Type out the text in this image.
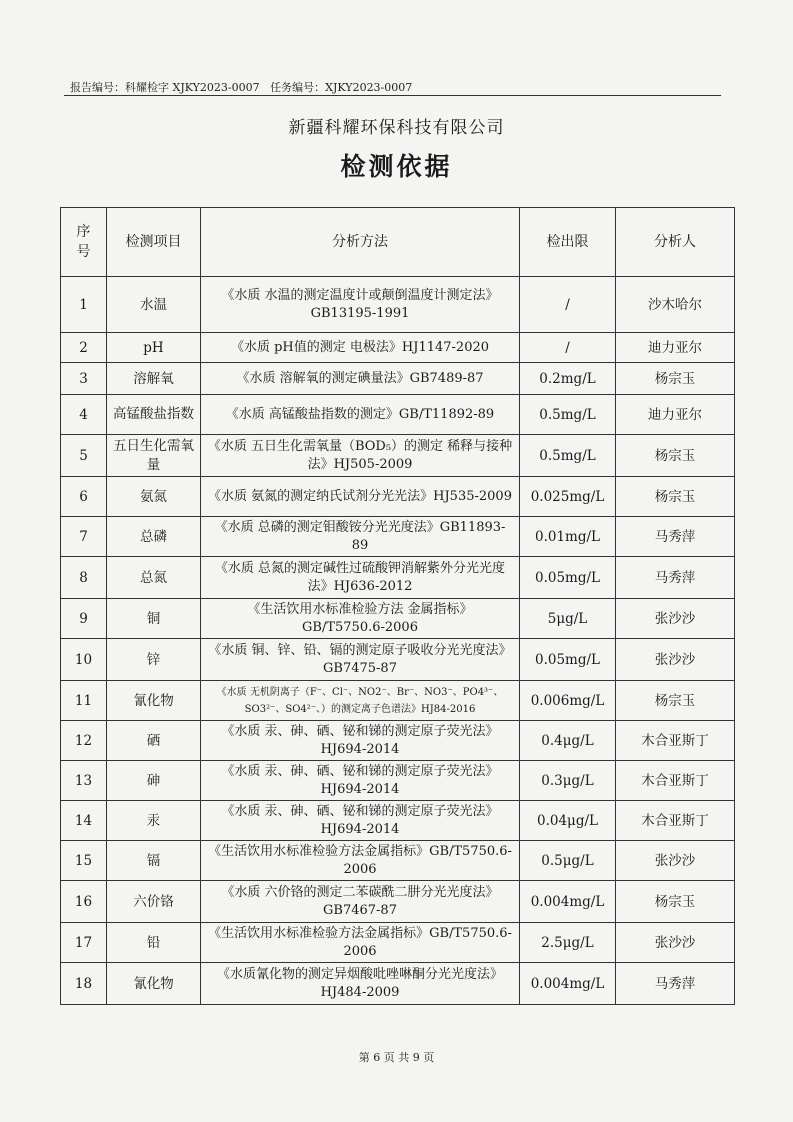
报告编号：科耀检字 XJKY2023-0007 任务编号：XJKY2023-0007
新疆科耀环保科技有限公司
检测依据
序号	检测项目	分析方法	检出限	分析人
1	水温	《水质 水温的测定温度计或颠倒温度计测定法》GB13195-1991	/	沙木哈尔
2	pH	《水质 pH值的测定 电极法》HJ1147-2020	/	迪力亚尔
3	溶解氧	《水质 溶解氧的测定碘量法》GB7489-87	0.2mg/L	杨宗玉
4	高锰酸盐指数	《水质 高锰酸盐指数的测定》GB/T11892-89	0.5mg/L	迪力亚尔
5	五日生化需氧量	《水质 五日生化需氧量（BOD₅）的测定 稀释与接种法》HJ505-2009	0.5mg/L	杨宗玉
6	氨氮	《水质 氨氮的测定纳氏试剂分光光法》HJ535-2009	0.025mg/L	杨宗玉
7	总磷	《水质 总磷的测定钼酸铵分光光度法》GB11893-89	0.01mg/L	马秀萍
8	总氮	《水质 总氮的测定碱性过硫酸钾消解紫外分光光度法》HJ636-2012	0.05mg/L	马秀萍
9	铜	《生活饮用水标准检验方法 金属指标》GB/T5750.6-2006	5μg/L	张沙沙
10	锌	《水质 铜、锌、铅、镉的测定原子吸收分光光度法》GB7475-87	0.05mg/L	张沙沙
11	氰化物	《水质 无机阴离子（F⁻、Cl⁻、NO2⁻、Br⁻、NO3⁻、PO4³⁻、SO3²⁻、SO4²⁻、）的测定离子色谱法》HJ84-2016	0.006mg/L	杨宗玉
12	硒	《水质 汞、砷、硒、铋和锑的测定原子荧光法》HJ694-2014	0.4μg/L	木合亚斯丁
13	砷	《水质 汞、砷、硒、铋和锑的测定原子荧光法》HJ694-2014	0.3μg/L	木合亚斯丁
14	汞	《水质 汞、砷、硒、铋和锑的测定原子荧光法》HJ694-2014	0.04μg/L	木合亚斯丁
15	镉	《生活饮用水标准检验方法金属指标》GB/T5750.6-2006	0.5μg/L	张沙沙
16	六价铬	《水质 六价铬的测定二苯碳酰二肼分光光度法》GB7467-87	0.004mg/L	杨宗玉
17	铅	《生活饮用水标准检验方法金属指标》GB/T5750.6-2006	2.5μg/L	张沙沙
18	氰化物	《水质氰化物的测定异烟酸吡唑啉酮分光光度法》HJ484-2009	0.004mg/L	马秀萍
第 6 页 共 9 页
